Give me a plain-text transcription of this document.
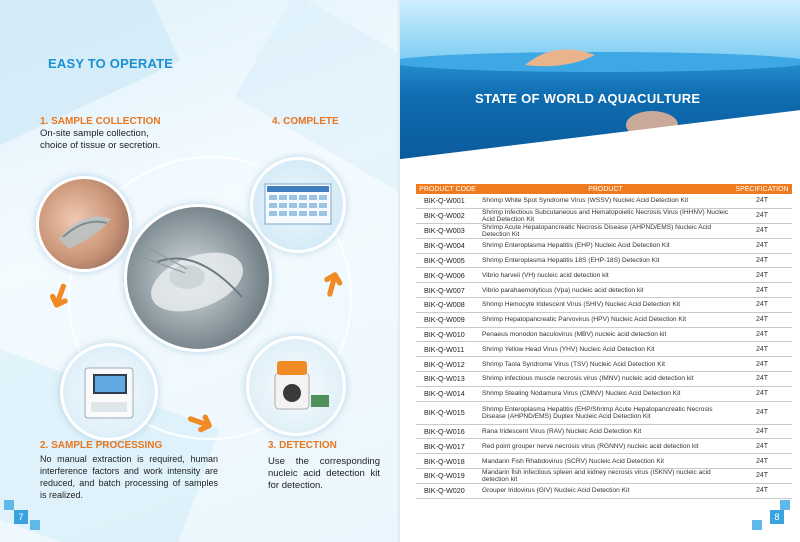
EASY TO OPERATE
1. SAMPLE COLLECTION
On-site sample collection, choice of tissue or secretion.
4. COMPLETE
➜
➜
➜
2. SAMPLE PROCESSING
No manual extraction is required, human interference factors and work intensity are reduced, and batch processing of samples is realized.
3. DETECTION
Use the corresponding nucleic acid detection kit for detection.
7
STATE OF WORLD AQUACULTURE
PRODUCT CODE	PRODUCT	SPECIFICATION
BIK-Q-W001	Shrimp White Spot Syndrome Virus (WSSV) Nucleic Acid Detection Kit	24T
BIK-Q-W002	Shrimp Infectious Subcutaneous and Hematopoietic Necrosis Virus (IHHNV) Nucleic Acid Detection Kit	24T
BIK-Q-W003	Shrimp Acute Hepatopancreatic Necrosis Disease (AHPND/EMS) Nucleic Acid Detection Kit	24T
BIK-Q-W004	Shrimp Enteroplasma Hepatitis (EHP) Nucleic Acid Detection Kit	24T
BIK-Q-W005	Shrimp Enteroplasma Hepatitis 18S (EHP-18S) Detection Kit	24T
BIK-Q-W006	Vibrio harveii (VH) nucleic acid detection kit	24T
BIK-Q-W007	Vibrio parahaemolyticus (Vpa) nucleic acid detection kit	24T
BIK-Q-W008	Shrimp Hemocyte Iridescent Virus (SHIV) Nucleic Acid Detection Kit	24T
BIK-Q-W009	Shrimp Hepatopancreatic Parvovirus (HPV) Nucleic Acid Detection Kit	24T
BIK-Q-W010	Penaeus monodon baculovirus (MBV) nucleic acid detection kit	24T
BIK-Q-W011	Shrimp Yellow Head Virus (YHV) Nucleic Acid Detection Kit	24T
BIK-Q-W012	Shrimp Taola Syndrome Virus (TSV) Nucleic Acid Detection Kit	24T
BIK-Q-W013	Shrimp infectious muscle necrosis virus (IMNV) nucleic acid detection kit	24T
BIK-Q-W014	Shrimp Stealing Nodamura Virus (CMNV) Nucleic Acid Detection Kit	24T
BIK-Q-W015	Shrimp Enteroplasma Hepatitis (EHP/Shrimp Acute Hepatopancreatic Necrosis Disease (AHPND/EMS) Duplex Nucleic Acid Detection Kit	24T
BIK-Q-W016	Rana Iridescent Virus (RAV) Nucleic Acid Detection Kit	24T
BIK-Q-W017	Red point grouper nerve necrosis virus (RGNNV) nucleic acid detection kit	24T
BIK-Q-W018	Mandarin Fish Rhabdovirus (SCRV) Nucleic Acid Detection Kit	24T
BIK-Q-W019	Mandarin fish infectious spleen and kidney necrosis virus (ISKNV) nucleic acid detection kit	24T
BIK-Q-W020	Grouper Iridovirus (GIV) Nucleic Acid Detection Kit	24T
8
